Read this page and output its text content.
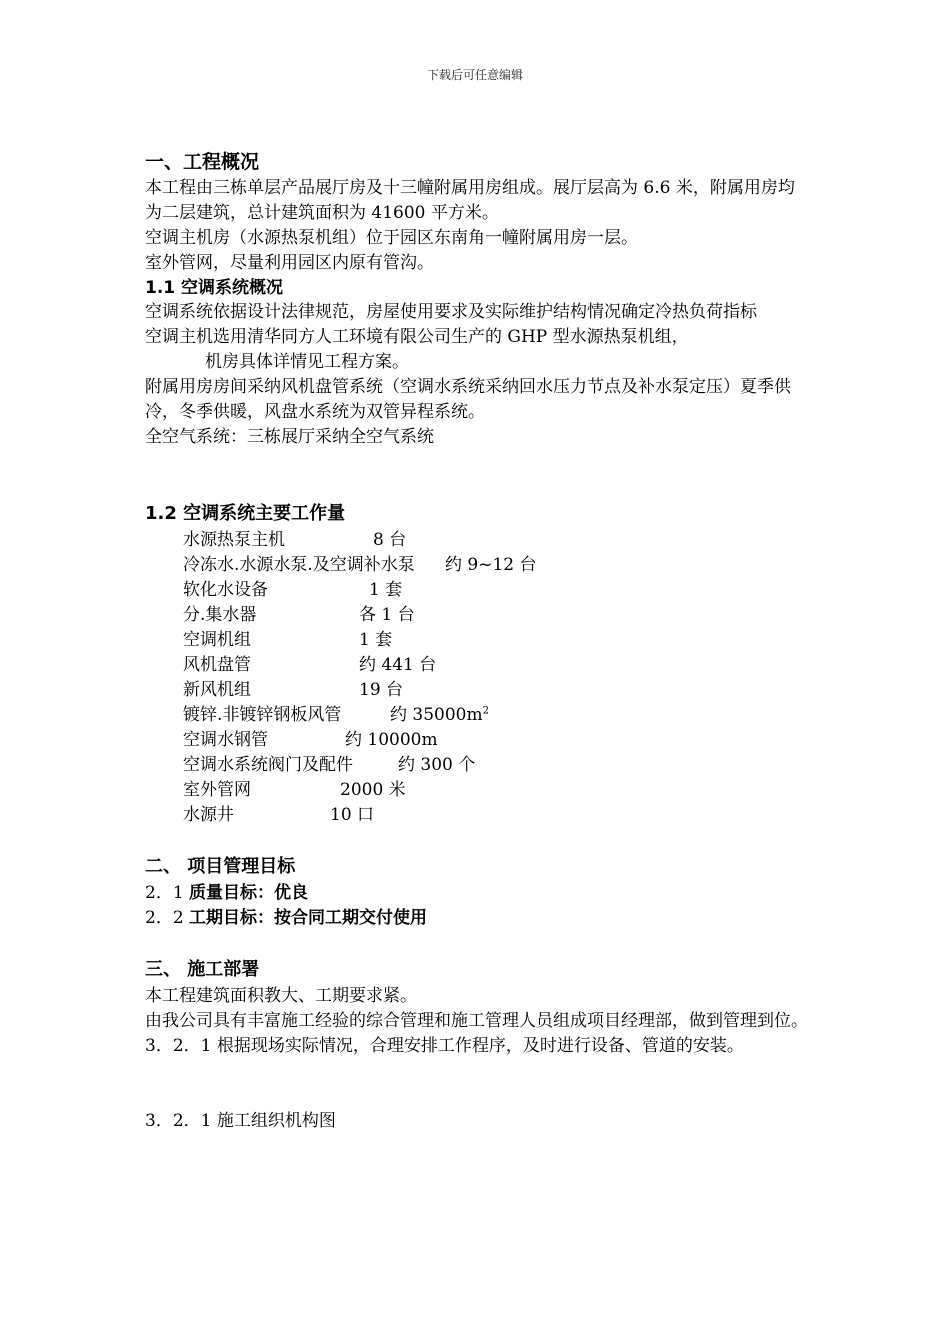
下载后可任意编辑
一、工程概况

本工程由三栋单层产品展厅房及十三幢附属用房组成。展厅层高为 6.6 米，附属用房均为二层建筑，总计建筑面积为 41600 平方米。

空调主机房（水源热泵机组）位于园区东南角一幢附属用房一层。

室外管网，尽量利用园区内原有管沟。

1.1 空调系统概况

空调系统依据设计法律规范，房屋使用要求及实际维护结构情况确定冷热负荷指标

空调主机选用清华同方人工环境有限公司生产的 GHP 型水源热泵机组，

机房具体详情见工程方案。

附属用房房间采纳风机盘管系统（空调水系统采纳回水压力节点及补水泵定压）夏季供冷，冬季供暖，风盘水系统为双管异程系统。

全空气系统：三栋展厅采纳全空气系统

1.2 空调系统主要工作量
水源热泵主机	8 台
冷冻水.水源水泵.及空调补水泵 约 9~12 台
软化水设备	1 套
分.集水器	各 1 台
空调机组	1 套
风机盘管	约 441 台
新风机组	19 台
镀锌.非镀锌钢板风管	约 $35000m^2$
空调水钢管	约 10000m
空调水系统阀门及配件	约 300 个
室外管网	2000 米
水源井	10 口
二、 项目管理目标

2．1 质量目标：优良

2．2 工期目标：按合同工期交付使用

三、 施工部署

本工程建筑面积教大、工期要求紧。

由我公司具有丰富施工经验的综合管理和施工管理人员组成项目经理部，做到管理到位。

3．2．1 根据现场实际情况，合理安排工作程序，及时进行设备、管道的安装。

3．2．1 施工组织机构图
